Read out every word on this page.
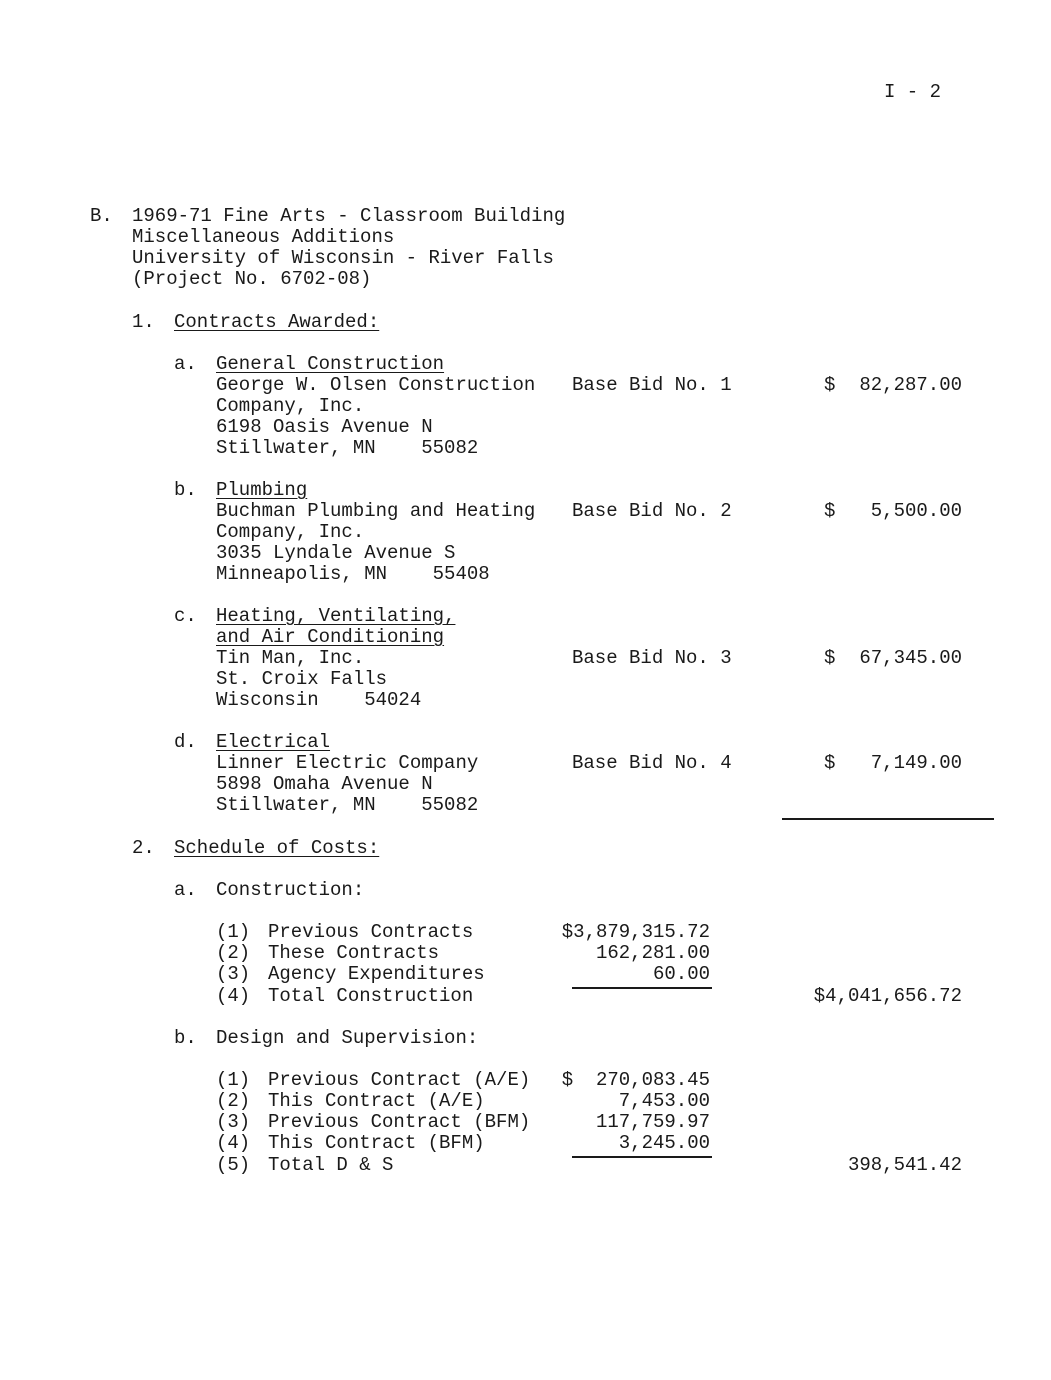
I - 2
B. 1969-71 Fine Arts - Classroom Building
Miscellaneous Additions
University of Wisconsin - River Falls
(Project No. 6702-08)
1. Contracts Awarded:
a. General Construction
George W. Olsen Construction
Company, Inc.
6198 Oasis Avenue N
Stillwater, MN    55082
Base Bid No. 1	$	82,287.00
b. Plumbing
Buchman Plumbing and Heating
Company, Inc.
3035 Lyndale Avenue S
Minneapolis, MN    55408
Base Bid No. 2	$	5,500.00
c. Heating, Ventilating,
and Air Conditioning
Tin Man, Inc.
St. Croix Falls
Wisconsin    54024
Base Bid No. 3	$	67,345.00
d. Electrical
Linner Electric Company
5898 Omaha Avenue N
Stillwater, MN    55082
Base Bid No. 4	$	7,149.00
2. Schedule of Costs:
a. Construction:
(1) Previous Contracts	$3,879,315.72
(2) These Contracts	162,281.00
(3) Agency Expenditures	60.00
(4) Total Construction	$4,041,656.72
b. Design and Supervision:
(1) Previous Contract (A/E)	$  270,083.45
(2) This Contract (A/E)	7,453.00
(3) Previous Contract (BFM)	117,759.97
(4) This Contract (BFM)	3,245.00
(5) Total D & S	398,541.42
